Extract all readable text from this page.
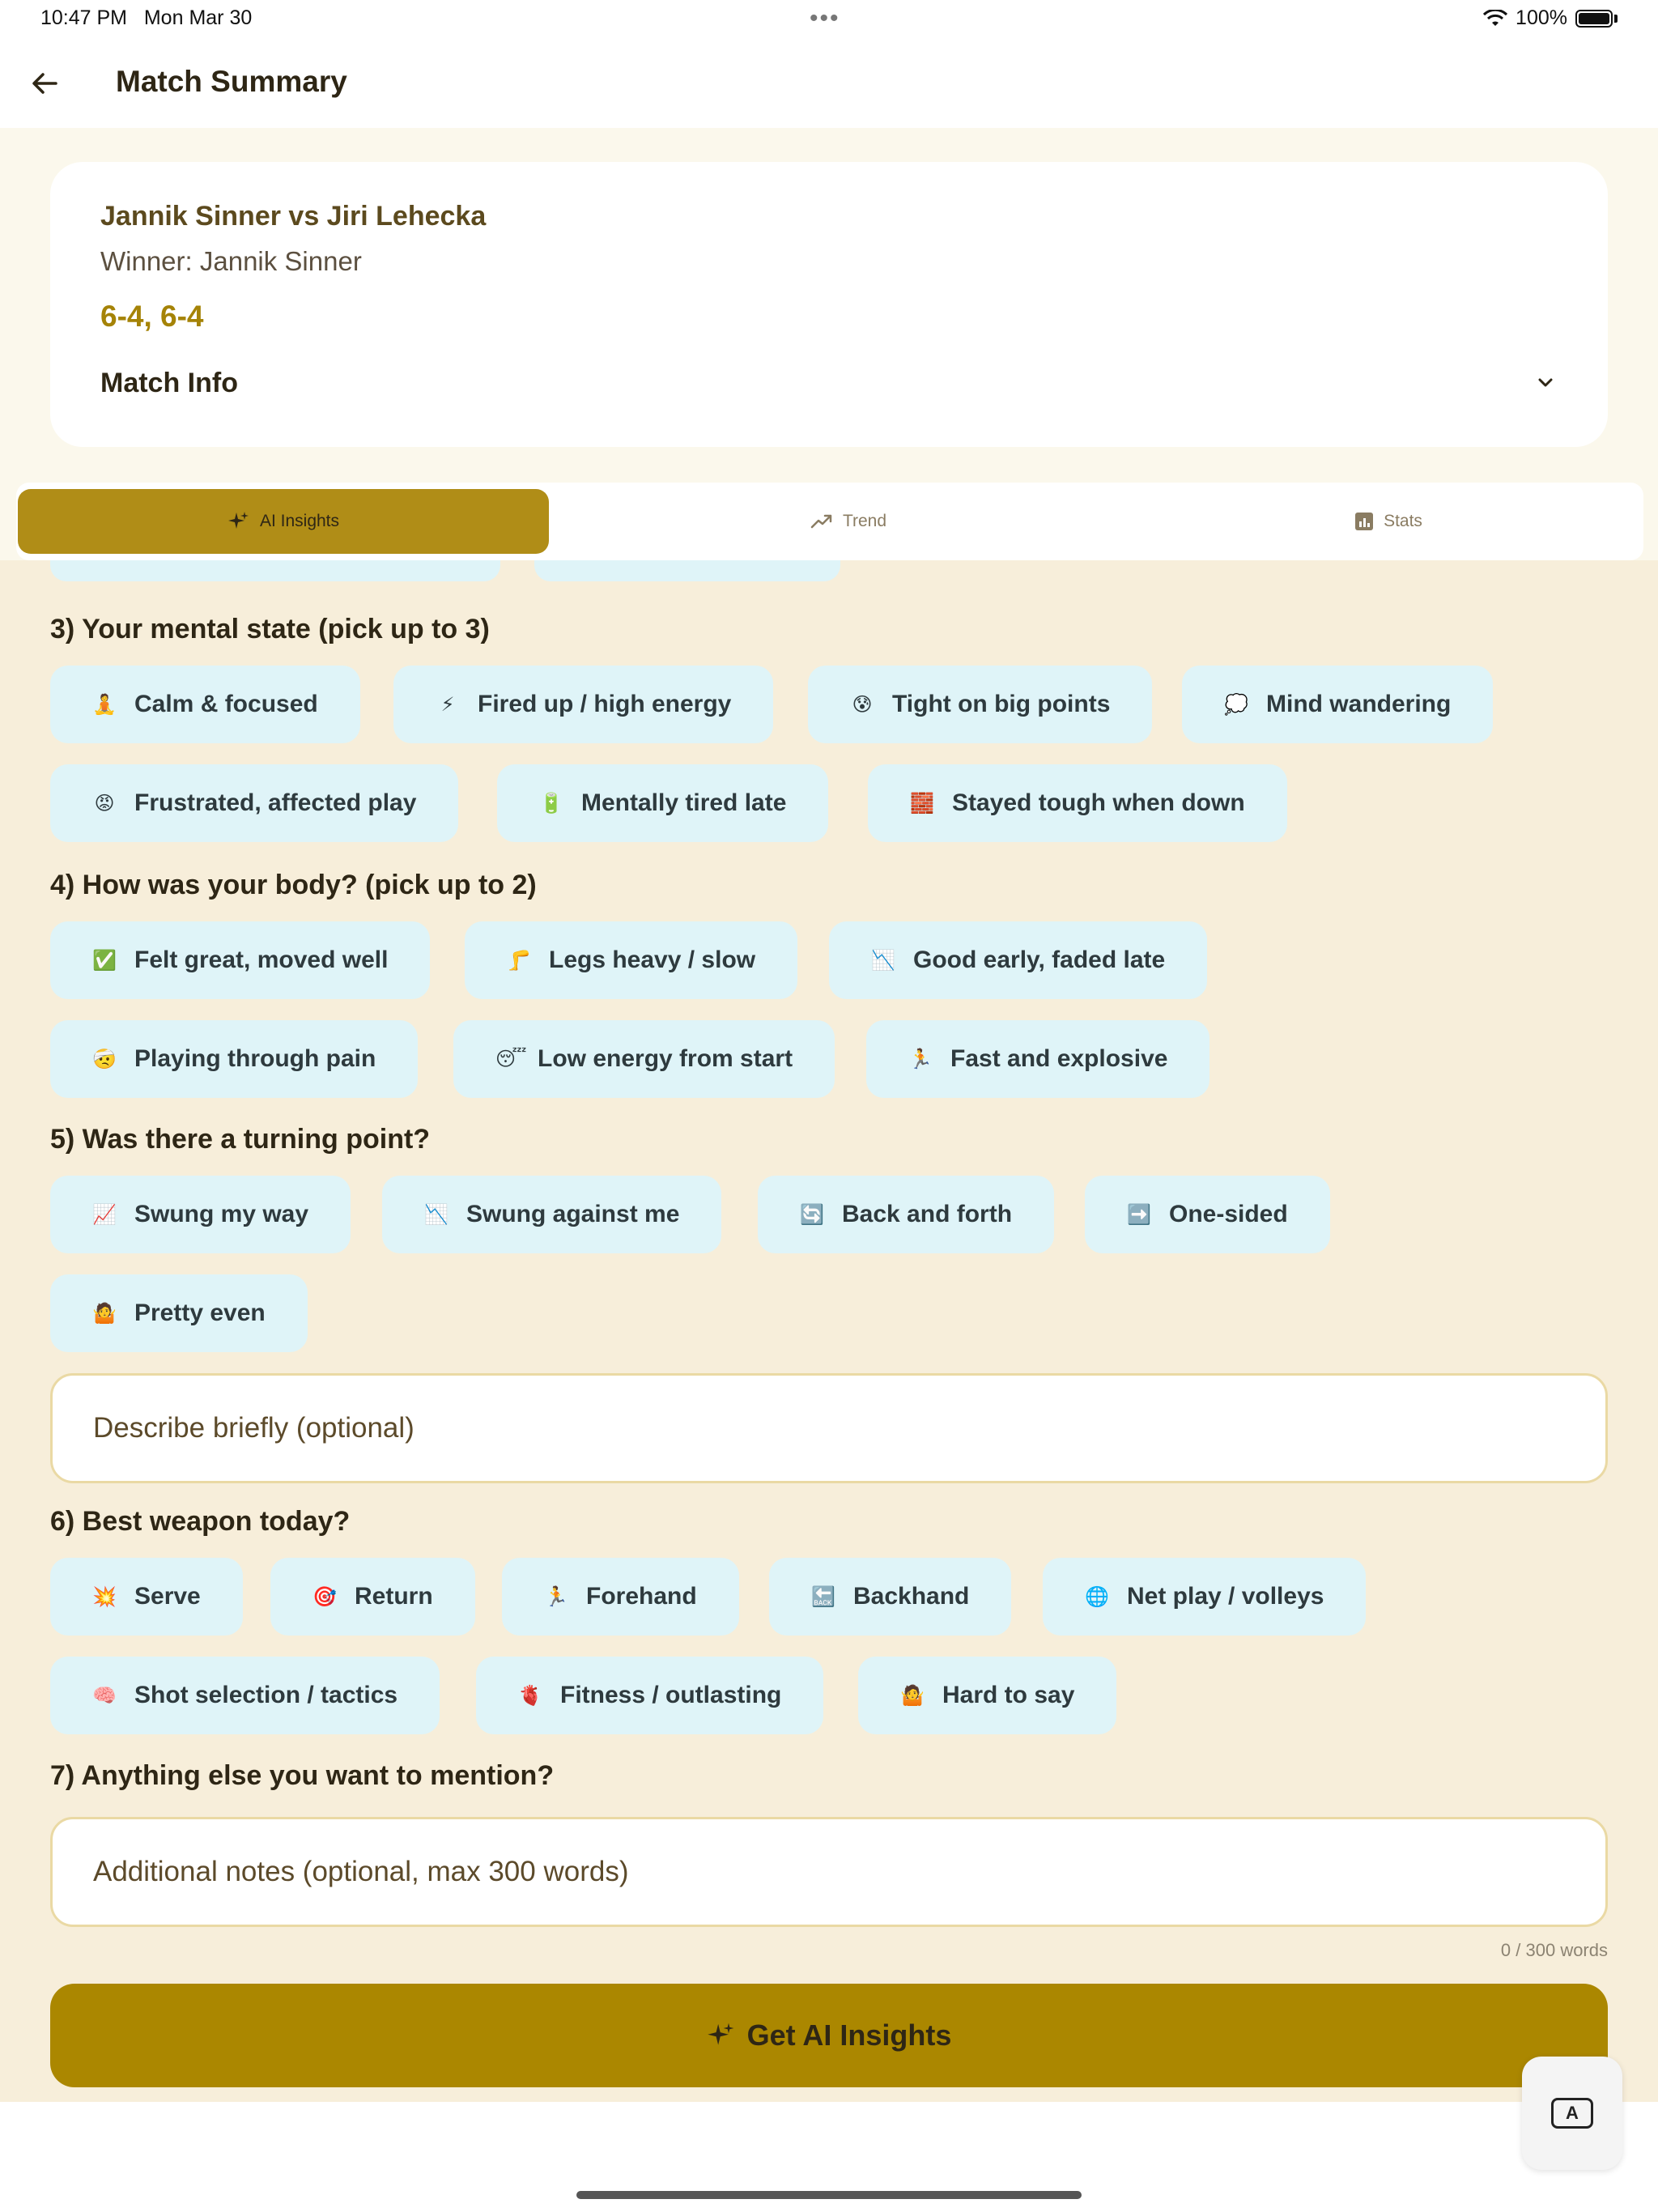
10:47 PM Mon Mar 30	•••	100%
Match Summary
Jannik Sinner vs Jiri Lehecka
Winner: Jannik Sinner
6-4, 6-4
Match Info
AI Insights	Trend	Stats
3) Your mental state (pick up to 3)
🧘 Calm & focused	⚡ Fired up / high energy	😰 Tight on big points	💭 Mind wandering
😡 Frustrated, affected play	🔋 Mentally tired late	🧱 Stayed tough when down
4) How was your body? (pick up to 2)
✅ Felt great, moved well	🦵 Legs heavy / slow	📉 Good early, faded late
🤕 Playing through pain	😴 Low energy from start	🏃 Fast and explosive
5) Was there a turning point?
📈 Swung my way	📉 Swung against me	🔄 Back and forth	➡️ One-sided
🤷 Pretty even
Describe briefly (optional)
6) Best weapon today?
💥 Serve	🎯 Return	🏃 Forehand	🔙 Backhand	🌐 Net play / volleys
🧠 Shot selection / tactics	🫀 Fitness / outlasting	🤷 Hard to say
7) Anything else you want to mention?
Additional notes (optional, max 300 words)
0 / 300 words
Get AI Insights
A
